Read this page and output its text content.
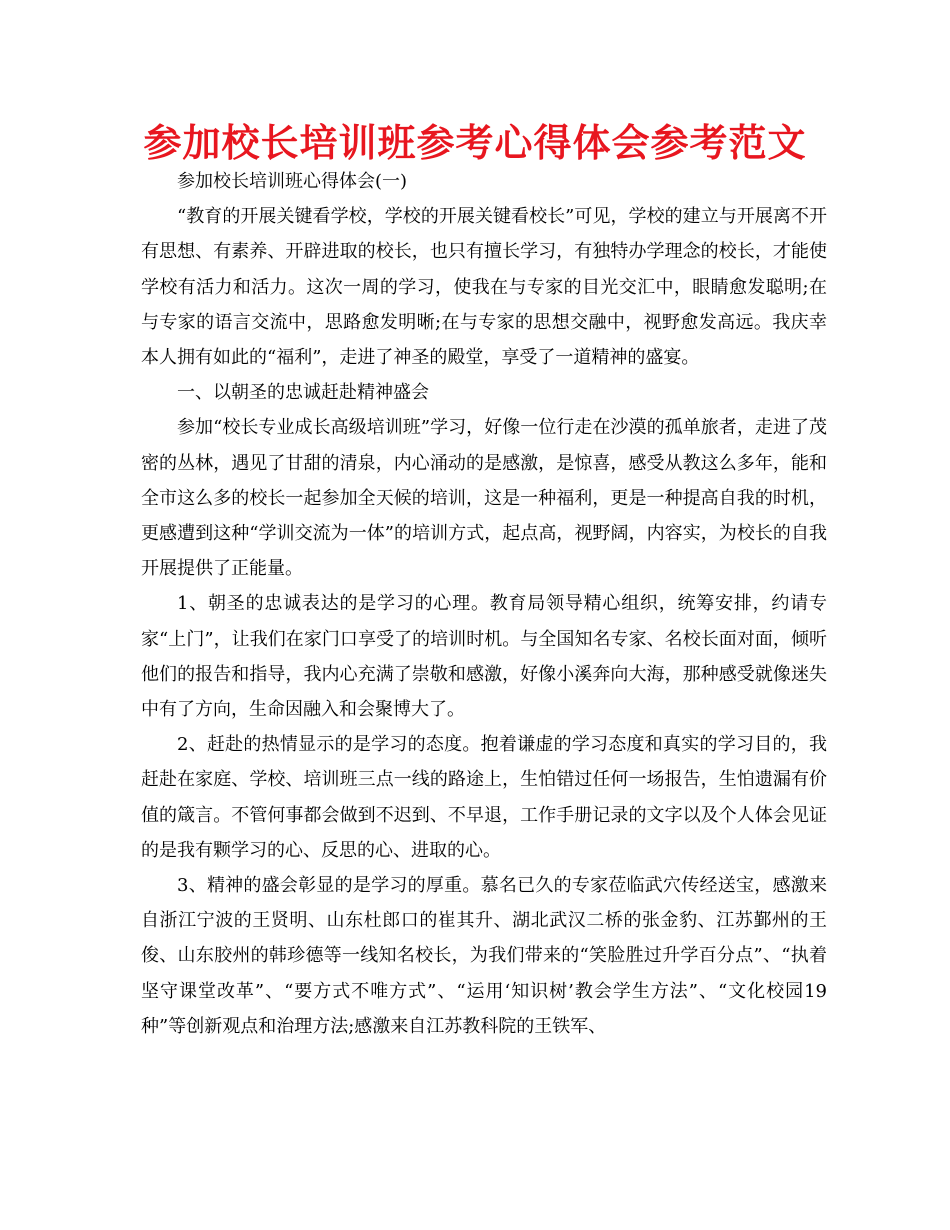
参加校长培训班参考心得体会参考范文

参加校长培训班心得体会(一)

“教育的开展关键看学校，学校的开展关键看校长”可见，学校的建立与开展离不开有思想、有素养、开辟进取的校长，也只有擅长学习，有独特办学理念的校长，才能使学校有活力和活力。这次一周的学习，使我在与专家的目光交汇中，眼睛愈发聪明;在与专家的语言交流中，思路愈发明晰;在与专家的思想交融中，视野愈发高远。我庆幸本人拥有如此的“福利”，走进了神圣的殿堂，享受了一道精神的盛宴。

一、以朝圣的忠诚赶赴精神盛会

参加“校长专业成长高级培训班”学习，好像一位行走在沙漠的孤单旅者，走进了茂密的丛林，遇见了甘甜的清泉，内心涌动的是感激，是惊喜，感受从教这么多年，能和全市这么多的校长一起参加全天候的培训，这是一种福利，更是一种提高自我的时机，更感遭到这种“学训交流为一体”的培训方式，起点高，视野阔，内容实，为校长的自我开展提供了正能量。

1、朝圣的忠诚表达的是学习的心理。教育局领导精心组织，统筹安排，约请专家“上门”，让我们在家门口享受了的培训时机。与全国知名专家、名校长面对面，倾听他们的报告和指导，我内心充满了崇敬和感激，好像小溪奔向大海，那种感受就像迷失中有了方向，生命因融入和会聚博大了。

2、赶赴的热情显示的是学习的态度。抱着谦虚的学习态度和真实的学习目的，我赶赴在家庭、学校、培训班三点一线的路途上，生怕错过任何一场报告，生怕遗漏有价值的箴言。不管何事都会做到不迟到、不早退，工作手册记录的文字以及个人体会见证的是我有颗学习的心、反思的心、进取的心。

3、精神的盛会彰显的是学习的厚重。慕名已久的专家莅临武穴传经送宝，感激来自浙江宁波的王贤明、山东杜郎口的崔其升、湖北武汉二桥的张金豹、江苏鄞州的王俊、山东胶州的韩珍德等一线知名校长，为我们带来的“笑脸胜过升学百分点”、“执着坚守课堂改革”、“要方式不唯方式”、“运用‘知识树’教会学生方法”、“文化校园19种”等创新观点和治理方法;感激来自江苏教科院的王铁军、
